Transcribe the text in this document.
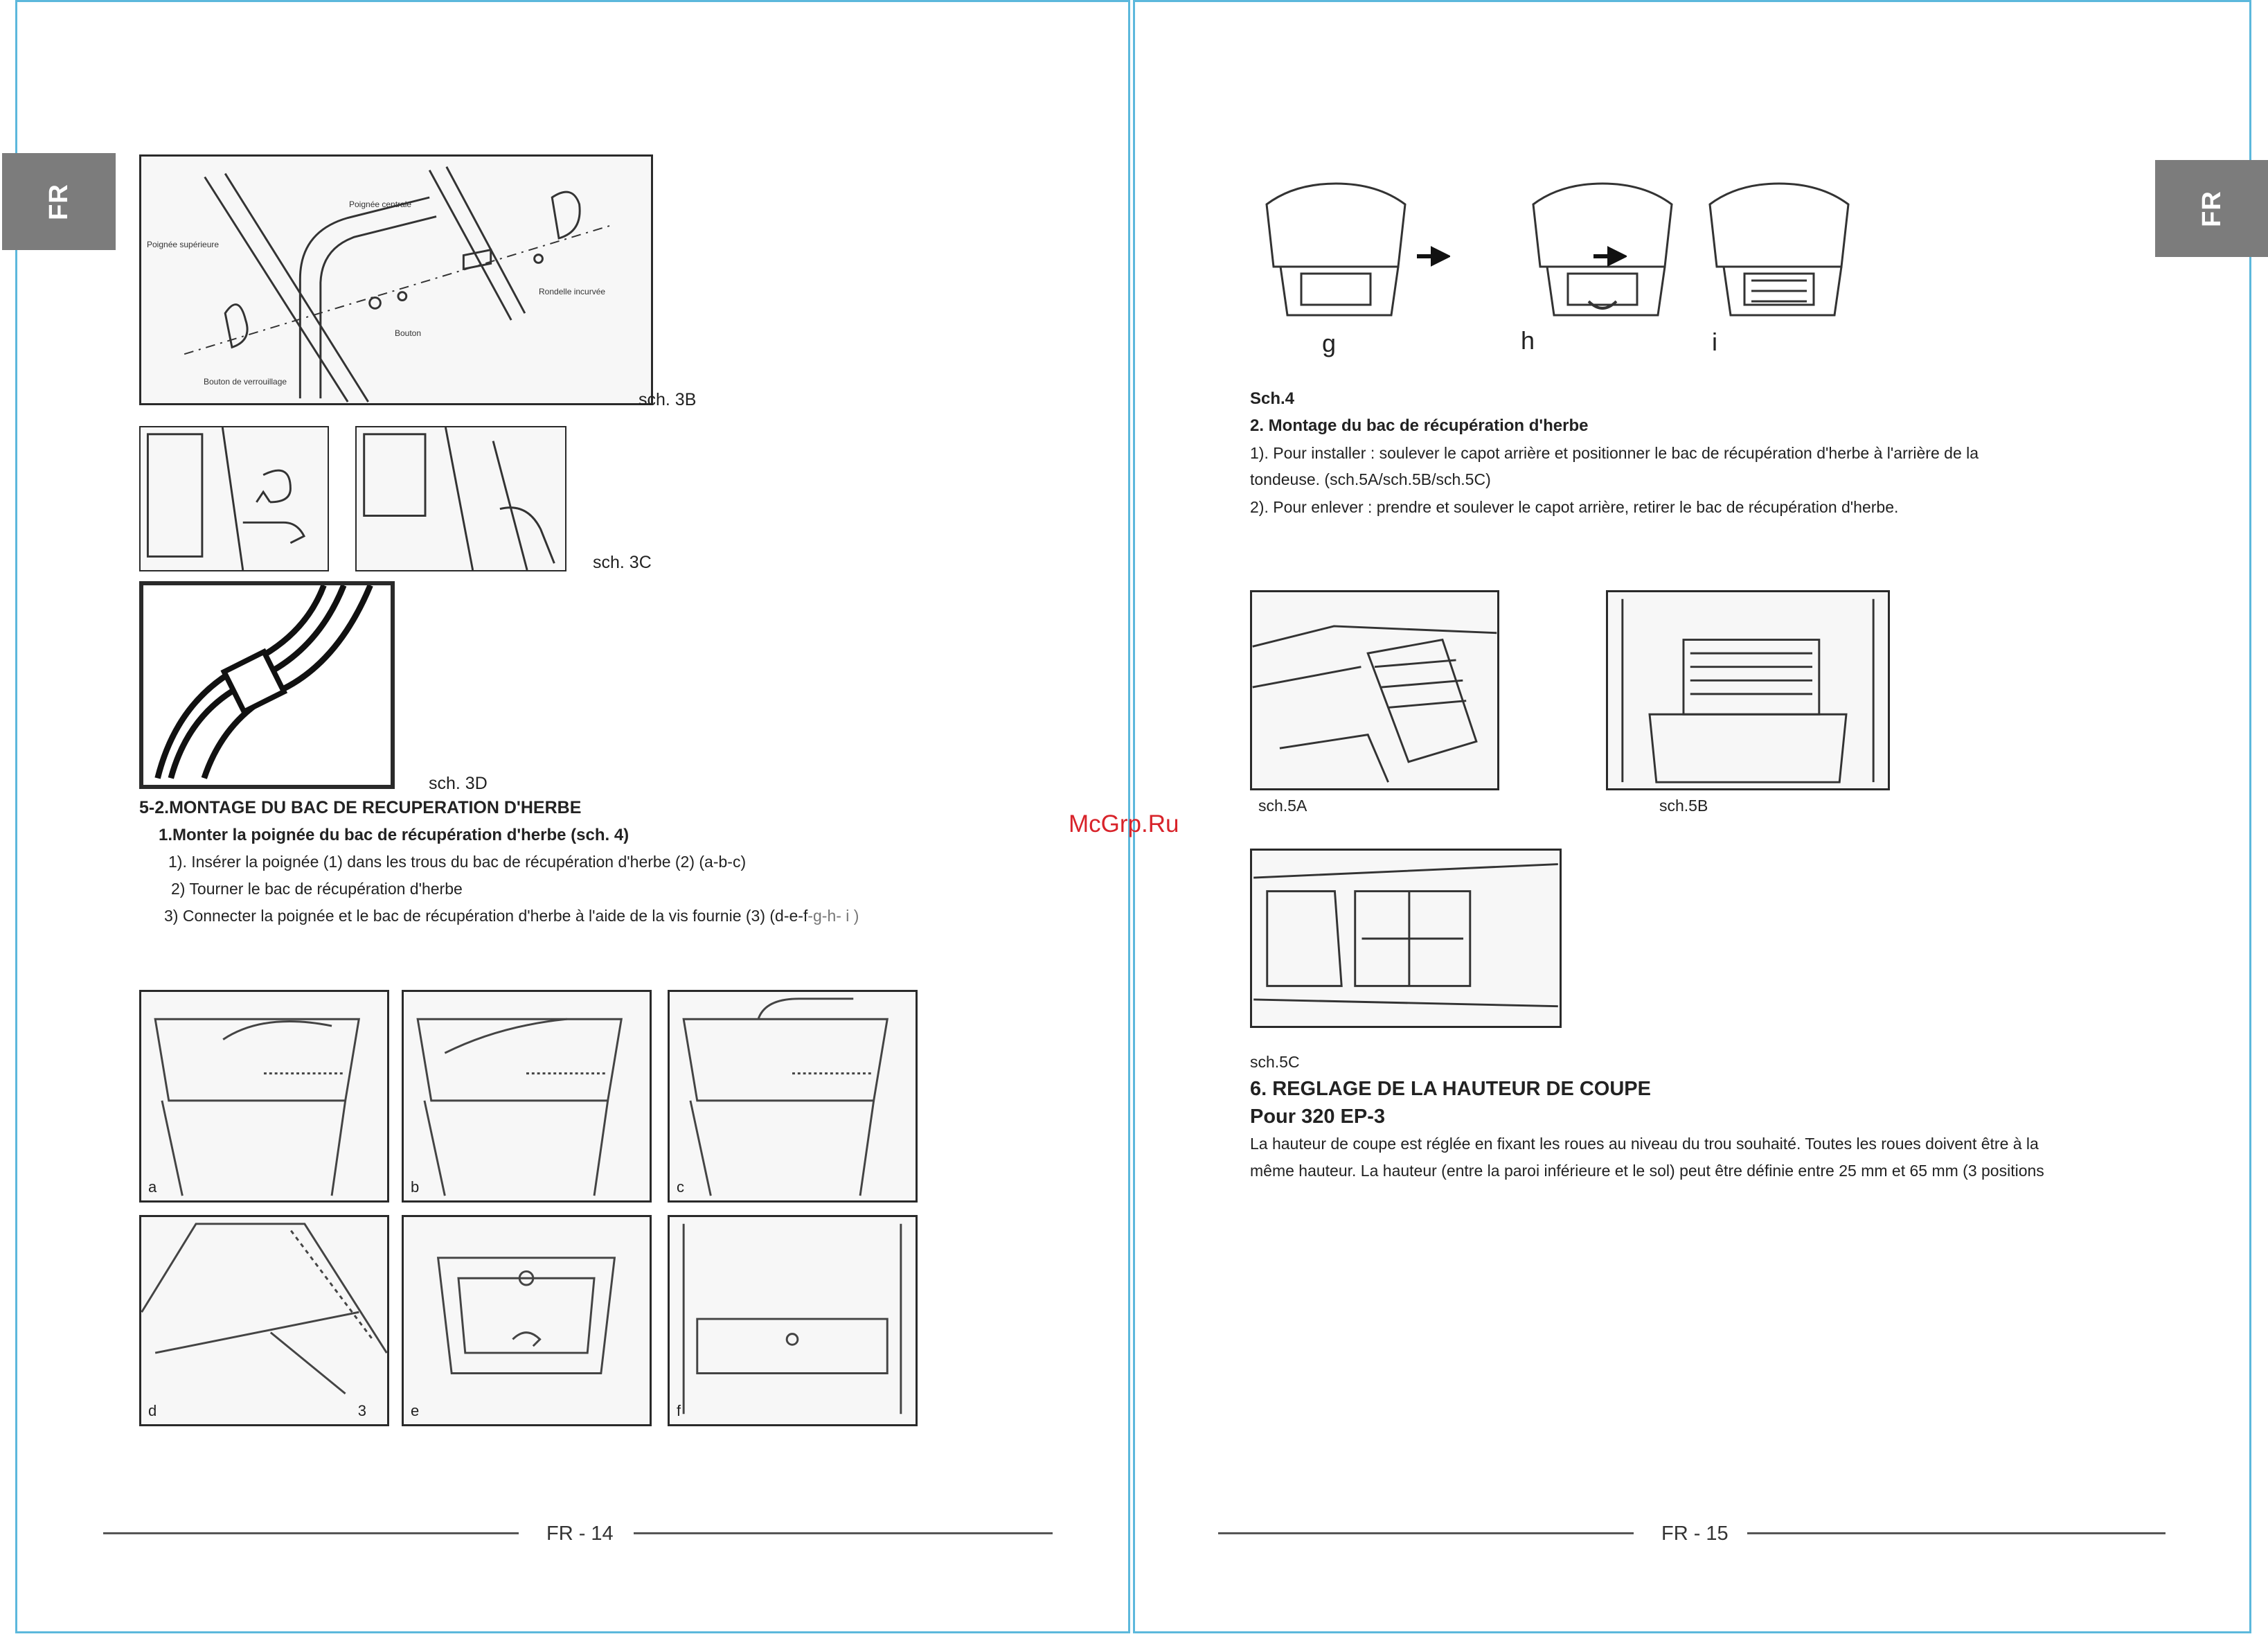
FR
Poignée supérieure
Poignée centrale
Rondelle incurvée
Bouton
Bouton de verrouillage
sch. 3B
sch. 3C
sch. 3D
5-2.MONTAGE DU BAC DE RECUPERATION D'HERBE
1.Monter la poignée du bac de récupération d'herbe (sch. 4)
1). Insérer la poignée (1) dans les trous du bac de récupération d'herbe (2) (a-b-c)
2) Tourner le bac de récupération d'herbe
3) Connecter la poignée et le bac de récupération d'herbe à l'aide de la vis fournie (3) (d-e-f-g-h- i )
a	b	c
d	3	e	f
FR - 14
FR
g	h	i
Sch.4
2. Montage du bac de récupération d'herbe
1). Pour installer : soulever le capot arrière et positionner le bac de récupération d'herbe à l'arrière de la
tondeuse. (sch.5A/sch.5B/sch.5C)
2). Pour enlever : prendre et soulever le capot arrière, retirer le bac de récupération d'herbe.
sch.5A	sch.5B
sch.5C
6. REGLAGE DE LA HAUTEUR DE COUPE
Pour 320 EP-3
La hauteur de coupe est réglée en fixant les roues au niveau du trou souhaité. Toutes les roues doivent être à la
même hauteur. La hauteur (entre la paroi inférieure et le sol) peut être définie entre 25 mm et 65 mm (3 positions
FR - 15
McGrp.Ru
